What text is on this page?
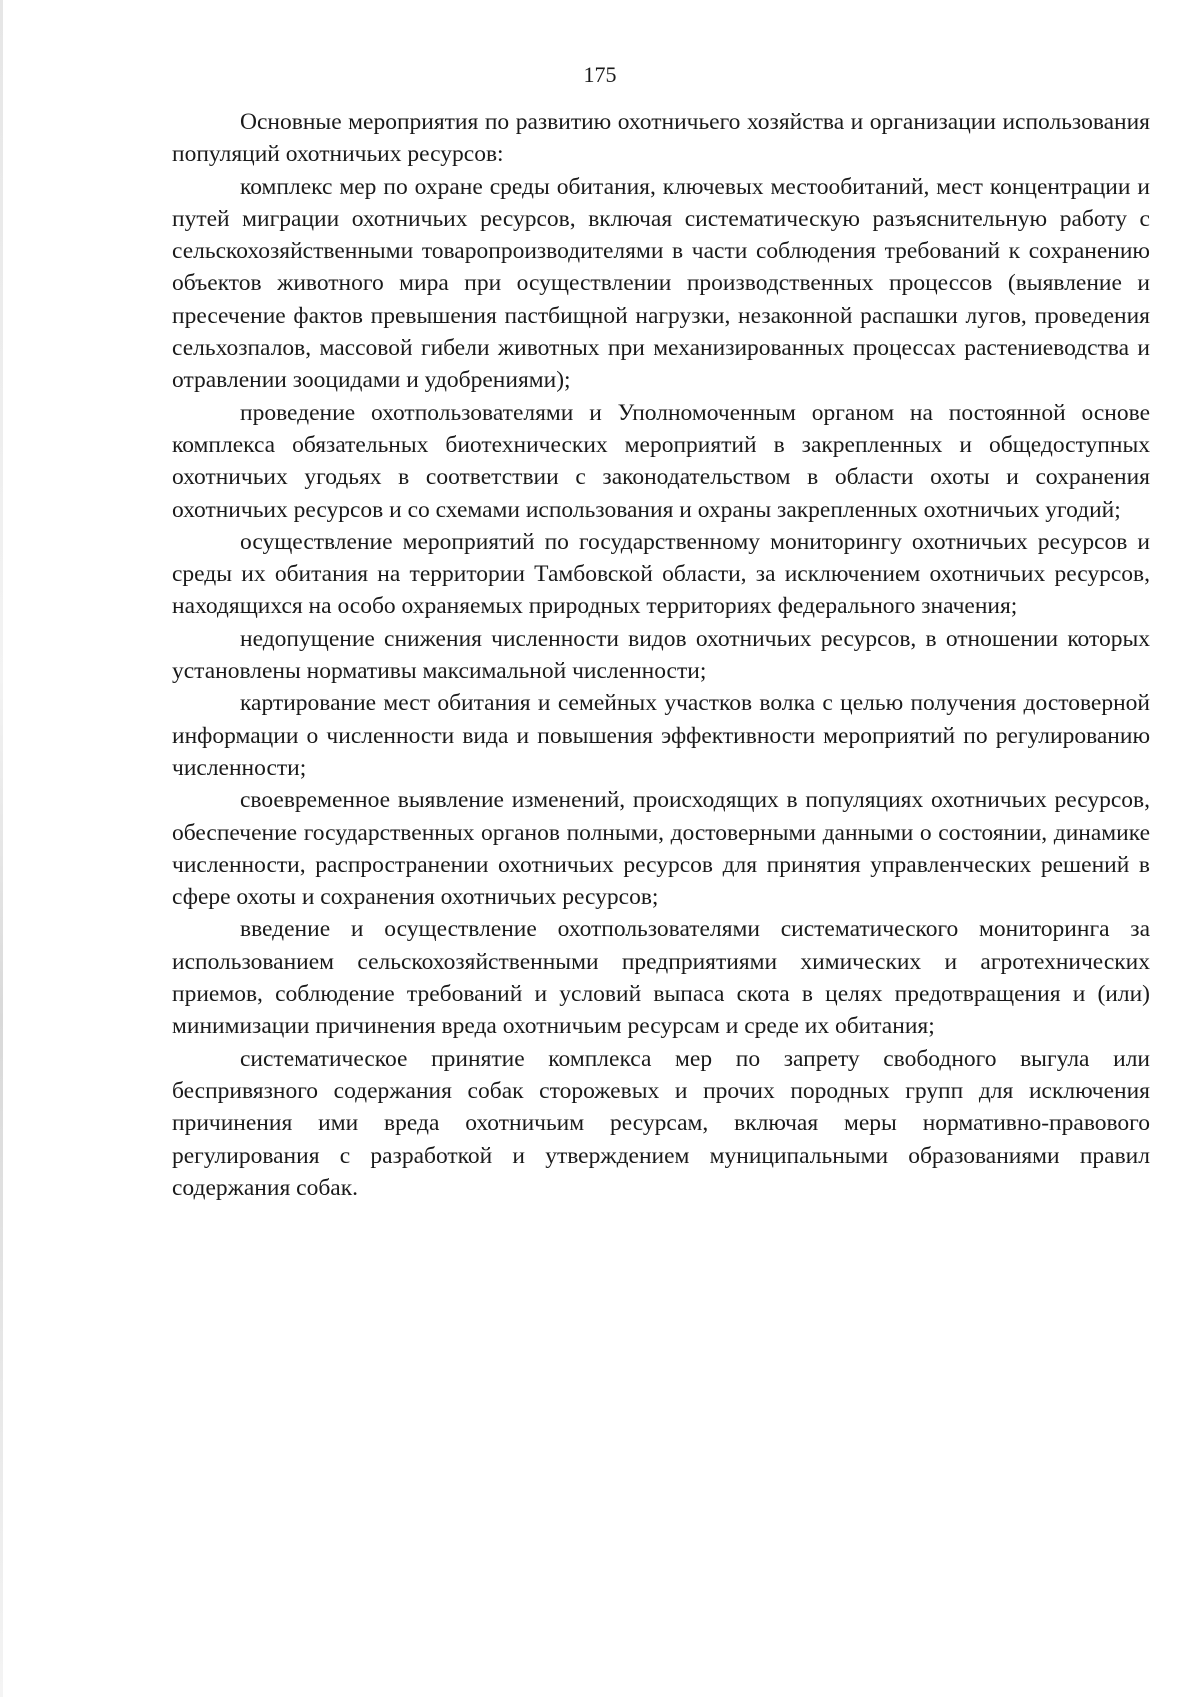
175

Основные мероприятия по развитию охотничьего хозяйства и организации использования популяций охотничьих ресурсов:

комплекс мер по охране среды обитания, ключевых местообитаний, мест концентрации и путей миграции охотничьих ресурсов, включая систематическую разъяснительную работу с сельскохозяйственными товаропроизводителями в части соблюдения требований к сохранению объектов животного мира при осуществлении производственных процессов (выявление и пресечение фактов превышения пастбищной нагрузки, незаконной распашки лугов, проведения сельхозпалов, массовой гибели животных при механизированных процессах растениеводства и отравлении зооцидами и удобрениями);

проведение охотпользователями и Уполномоченным органом на постоянной основе комплекса обязательных биотехнических мероприятий в закрепленных и общедоступных охотничьих угодьях в соответствии с законодательством в области охоты и сохранения охотничьих ресурсов и со схемами использования и охраны закрепленных охотничьих угодий;

осуществление мероприятий по государственному мониторингу охотничьих ресурсов и среды их обитания на территории Тамбовской области, за исключением охотничьих ресурсов, находящихся на особо охраняемых природных территориях федерального значения;

недопущение снижения численности видов охотничьих ресурсов, в отношении которых установлены нормативы максимальной численности;

картирование мест обитания и семейных участков волка с целью получения достоверной информации о численности вида и повышения эффективности мероприятий по регулированию численности;

своевременное выявление изменений, происходящих в популяциях охотничьих ресурсов, обеспечение государственных органов полными, достоверными данными о состоянии, динамике численности, распространении охотничьих ресурсов для принятия управленческих решений в сфере охоты и сохранения охотничьих ресурсов;

введение и осуществление охотпользователями систематического мониторинга за использованием сельскохозяйственными предприятиями химических и агротехнических приемов, соблюдение требований и условий выпаса скота в целях предотвращения и (или) минимизации причинения вреда охотничьим ресурсам и среде их обитания;

систематическое принятие комплекса мер по запрету свободного выгула или беспривязного содержания собак сторожевых и прочих породных групп для исключения причинения ими вреда охотничьим ресурсам, включая меры нормативно-правового регулирования с разработкой и утверждением муниципальными образованиями правил содержания собак.
